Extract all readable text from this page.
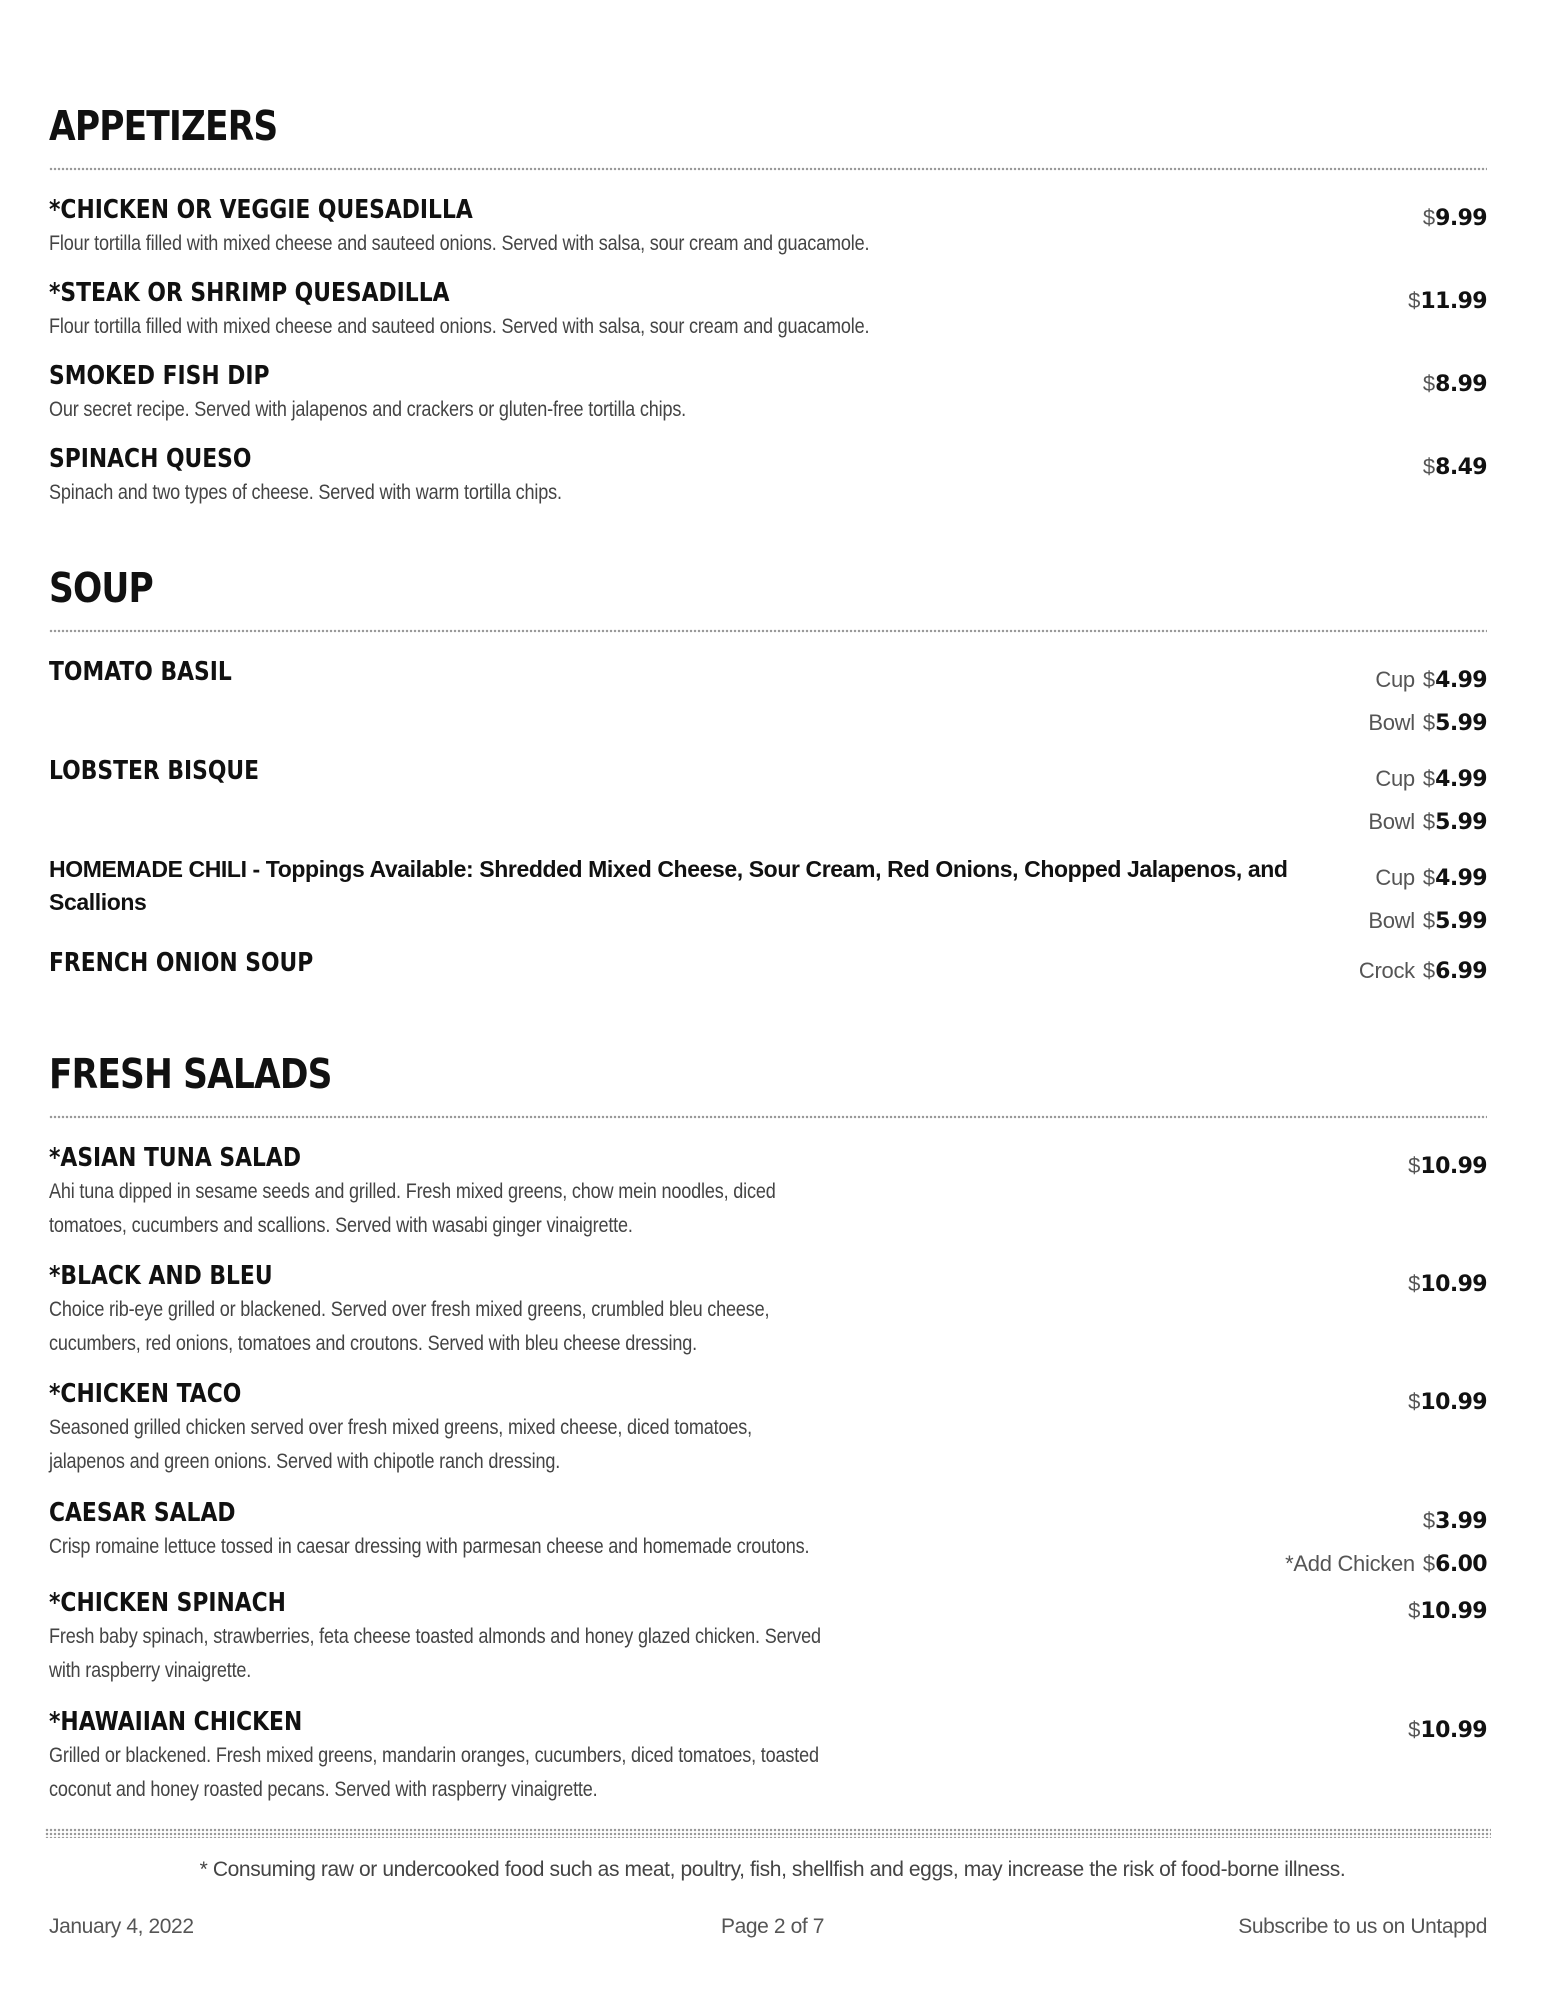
APPETIZERS
*CHICKEN OR VEGGIE QUESADILLA
Flour tortilla filled with mixed cheese and sauteed onions. Served with salsa, sour cream and guacamole.
$9.99
*STEAK OR SHRIMP QUESADILLA
Flour tortilla filled with mixed cheese and sauteed onions. Served with salsa, sour cream and guacamole.
$11.99
SMOKED FISH DIP
Our secret recipe. Served with jalapenos and crackers or gluten-free tortilla chips.
$8.99
SPINACH QUESO
Spinach and two types of cheese. Served with warm tortilla chips.
$8.49
SOUP
TOMATO BASIL	Cup $4.99
Bowl $5.99
LOBSTER BISQUE	Cup $4.99
Bowl $5.99
HOMEMADE CHILI - Toppings Available: Shredded Mixed Cheese, Sour Cream, Red Onions, Chopped Jalapenos, and Scallions
Cup $4.99
Bowl $5.99
FRENCH ONION SOUP	Crock $6.99
FRESH SALADS
*ASIAN TUNA SALAD
Ahi tuna dipped in sesame seeds and grilled. Fresh mixed greens, chow mein noodles, diced
tomatoes, cucumbers and scallions. Served with wasabi ginger vinaigrette.
$10.99
*BLACK AND BLEU
Choice rib-eye grilled or blackened. Served over fresh mixed greens, crumbled bleu cheese,
cucumbers, red onions, tomatoes and croutons. Served with bleu cheese dressing.
$10.99
*CHICKEN TACO
Seasoned grilled chicken served over fresh mixed greens, mixed cheese, diced tomatoes,
jalapenos and green onions. Served with chipotle ranch dressing.
$10.99
CAESAR SALAD
Crisp romaine lettuce tossed in caesar dressing with parmesan cheese and homemade croutons.
$3.99
*Add Chicken $6.00
*CHICKEN SPINACH
Fresh baby spinach, strawberries, feta cheese toasted almonds and honey glazed chicken. Served
with raspberry vinaigrette.
$10.99
*HAWAIIAN CHICKEN
Grilled or blackened. Fresh mixed greens, mandarin oranges, cucumbers, diced tomatoes, toasted
coconut and honey roasted pecans. Served with raspberry vinaigrette.
$10.99
* Consuming raw or undercooked food such as meat, poultry, fish, shellfish and eggs, may increase the risk of food-borne illness.
January 4, 2022	Page 2 of 7	Subscribe to us on Untappd
